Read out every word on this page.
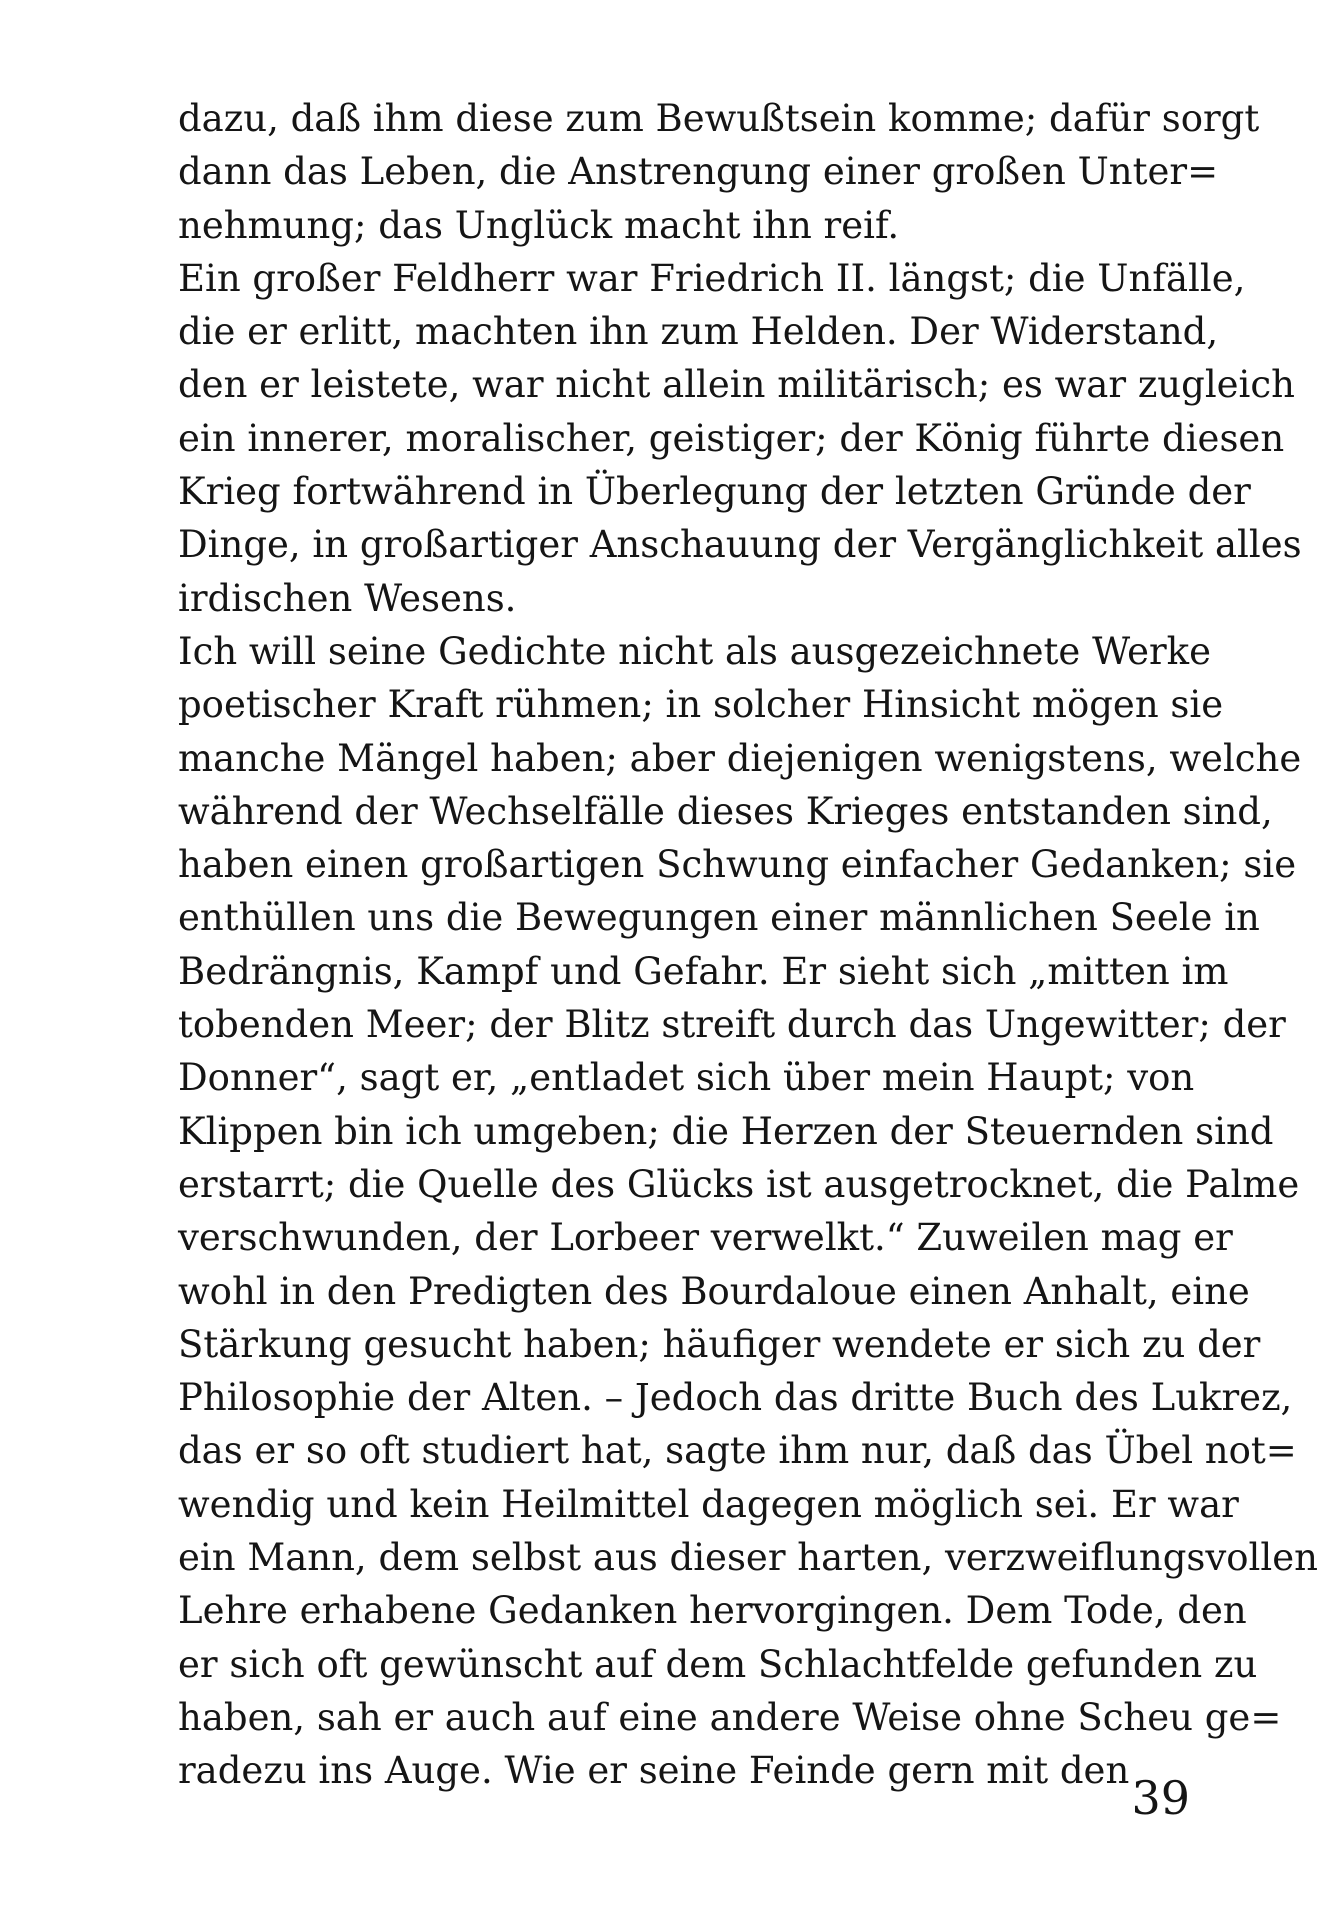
dazu, daß ihm diese zum Bewußtsein komme; dafür sorgt
dann das Leben, die Anstrengung einer großen Unter=
nehmung; das Unglück macht ihn reif.
Ein großer Feldherr war Friedrich II. längst; die Unfälle,
die er erlitt, machten ihn zum Helden. Der Widerstand,
den er leistete, war nicht allein militärisch; es war zugleich
ein innerer, moralischer, geistiger; der König führte diesen
Krieg fortwährend in Überlegung der letzten Gründe der
Dinge, in großartiger Anschauung der Vergänglichkeit alles
irdischen Wesens.
Ich will seine Gedichte nicht als ausgezeichnete Werke
poetischer Kraft rühmen; in solcher Hinsicht mögen sie
manche Mängel haben; aber diejenigen wenigstens, welche
während der Wechselfälle dieses Krieges entstanden sind,
haben einen großartigen Schwung einfacher Gedanken; sie
enthüllen uns die Bewegungen einer männlichen Seele in
Bedrängnis, Kampf und Gefahr. Er sieht sich „mitten im
tobenden Meer; der Blitz streift durch das Ungewitter; der
Donner“, sagt er, „entladet sich über mein Haupt; von
Klippen bin ich umgeben; die Herzen der Steuernden sind
erstarrt; die Quelle des Glücks ist ausgetrocknet, die Palme
verschwunden, der Lorbeer verwelkt.“ Zuweilen mag er
wohl in den Predigten des Bourdaloue einen Anhalt, eine
Stärkung gesucht haben; häufiger wendete er sich zu der
Philosophie der Alten. – Jedoch das dritte Buch des Lukrez,
das er so oft studiert hat, sagte ihm nur, daß das Übel not=
wendig und kein Heilmittel dagegen möglich sei. Er war
ein Mann, dem selbst aus dieser harten, verzweiflungsvollen
Lehre erhabene Gedanken hervorgingen. Dem Tode, den
er sich oft gewünscht auf dem Schlachtfelde gefunden zu
haben, sah er auch auf eine andere Weise ohne Scheu ge=
radezu ins Auge. Wie er seine Feinde gern mit den
39
